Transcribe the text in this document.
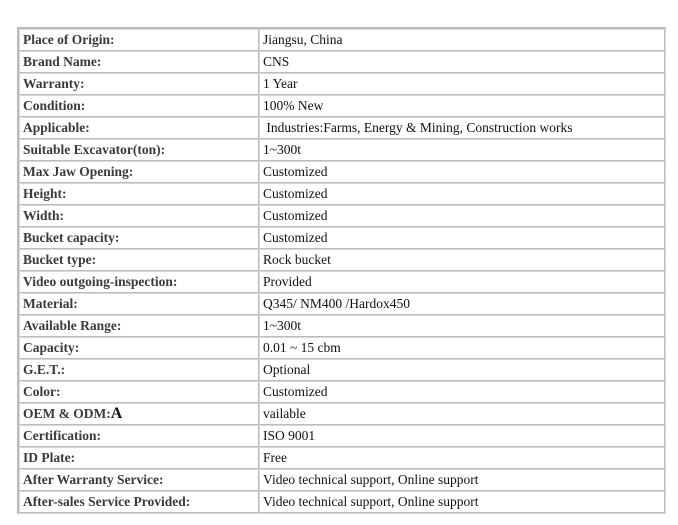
Place of Origin:	Jiangsu, China
Brand Name:	CNS
Warranty:	1 Year
Condition:	100% New
Applicable:	Industries:Farms, Energy & Mining, Construction works
Suitable Excavator(ton):	1~300t
Max Jaw Opening:	Customized
Height:	Customized
Width:	Customized
Bucket capacity:	Customized
Bucket type:	Rock bucket
Video outgoing-inspection:	Provided
Material:	Q345/ NM400 /Hardox450
Available Range:	1~300t
Capacity:	0.01 ~ 15 cbm
G.E.T.:	Optional
Color:	Customized
OEM & ODM:A	vailable
Certification:	ISO 9001
ID Plate:	Free
After Warranty Service:	Video technical support, Online support
After-sales Service Provided:	Video technical support, Online support
